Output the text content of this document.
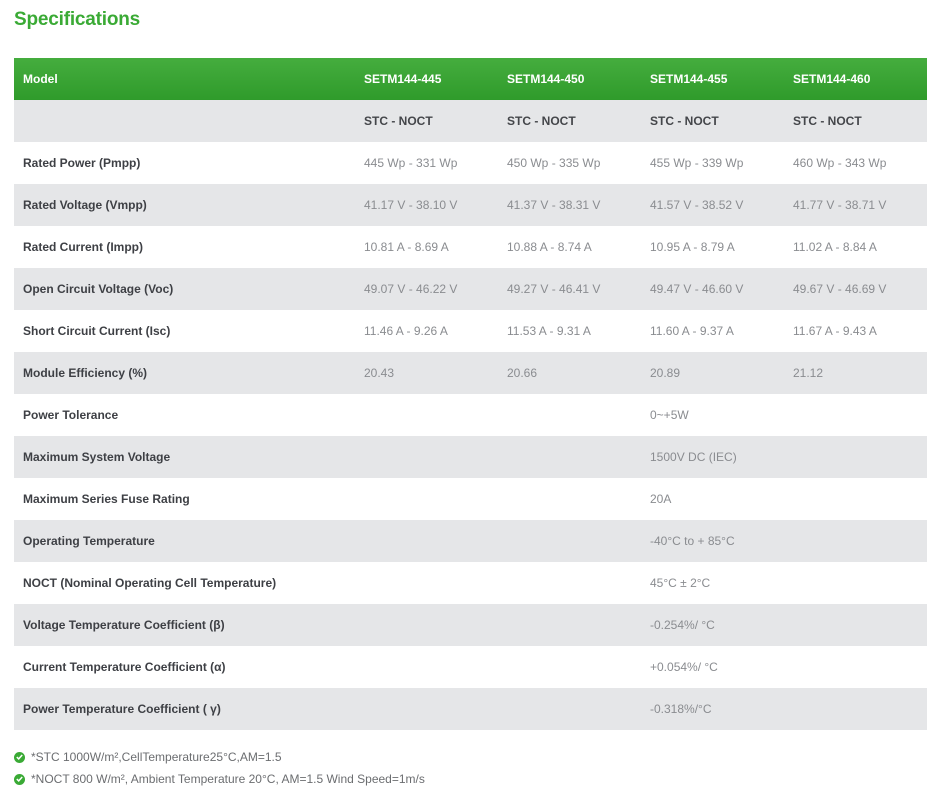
Specifications
Model	SETM144-445	SETM144-450	SETM144-455	SETM144-460
	STC - NOCT	STC - NOCT	STC - NOCT	STC - NOCT
Rated Power (Pmpp)	445 Wp - 331 Wp	450 Wp - 335 Wp	455 Wp - 339 Wp	460 Wp - 343 Wp
Rated Voltage (Vmpp)	41.17 V - 38.10 V	41.37 V - 38.31 V	41.57 V - 38.52 V	41.77 V - 38.71 V
Rated Current (Impp)	10.81 A - 8.69 A	10.88 A - 8.74 A	10.95 A - 8.79 A	11.02 A - 8.84 A
Open Circuit Voltage (Voc)	49.07 V - 46.22 V	49.27 V - 46.41 V	49.47 V - 46.60 V	49.67 V - 46.69 V
Short Circuit Current (Isc)	11.46 A - 9.26 A	11.53 A - 9.31 A	11.60 A - 9.37 A	11.67 A - 9.43 A
Module Efficiency (%)	20.43	20.66	20.89	21.12
Power Tolerance			0~+5W	
Maximum System Voltage			1500V DC (IEC)	
Maximum Series Fuse Rating			20A	
Operating Temperature			-40°C to + 85°C	
NOCT (Nominal Operating Cell Temperature)			45°C ± 2°C	
Voltage Temperature Coefficient (β)			-0.254%/ °C	
Current Temperature Coefficient (α)			+0.054%/ °C	
Power Temperature Coefficient ( γ)			-0.318%/°C	
*STC 1000W/m²,CellTemperature25°C,AM=1.5
*NOCT 800 W/m², Ambient Temperature 20°C, AM=1.5 Wind Speed=1m/s
